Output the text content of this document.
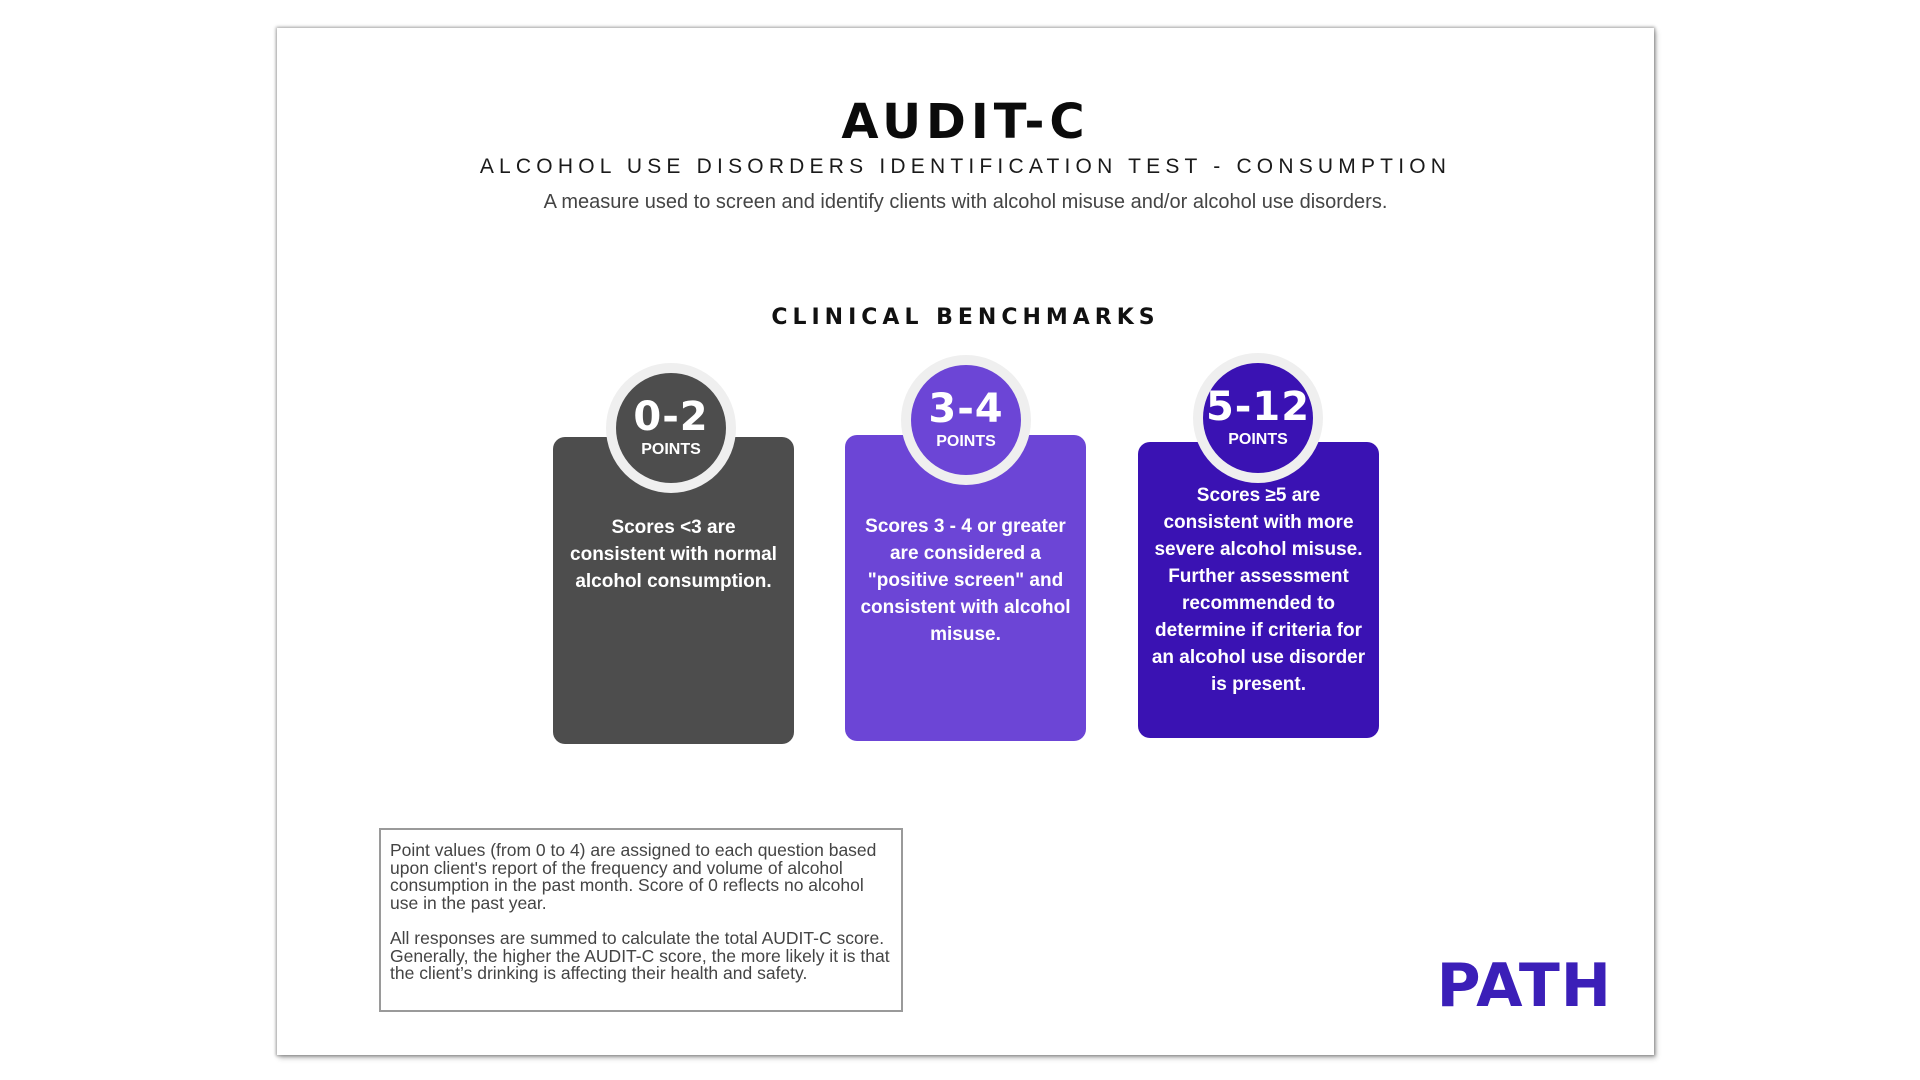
AUDIT-C

ALCOHOL USE DISORDERS IDENTIFICATION TEST - CONSUMPTION

A measure used to screen and identify clients with alcohol misuse and/or alcohol use disorders.

CLINICAL BENCHMARKS

Scores <3 are consistent with normal alcohol consumption.

0-2
POINTS

Scores 3 - 4 or greater are considered a "positive screen" and consistent with alcohol misuse.

3-4
POINTS

Scores ≥5 are consistent with more severe alcohol misuse. Further assessment recommended to determine if criteria for an alcohol use disorder is present.

5-12
POINTS

Point values (from 0 to 4) are assigned to each question based upon client's report of the frequency and volume of alcohol consumption in the past month. Score of 0 reflects no alcohol use in the past year.

All responses are summed to calculate the total AUDIT-C score. Generally, the higher the AUDIT-C score, the more likely it is that the client’s drinking is affecting their health and safety.	PATH
